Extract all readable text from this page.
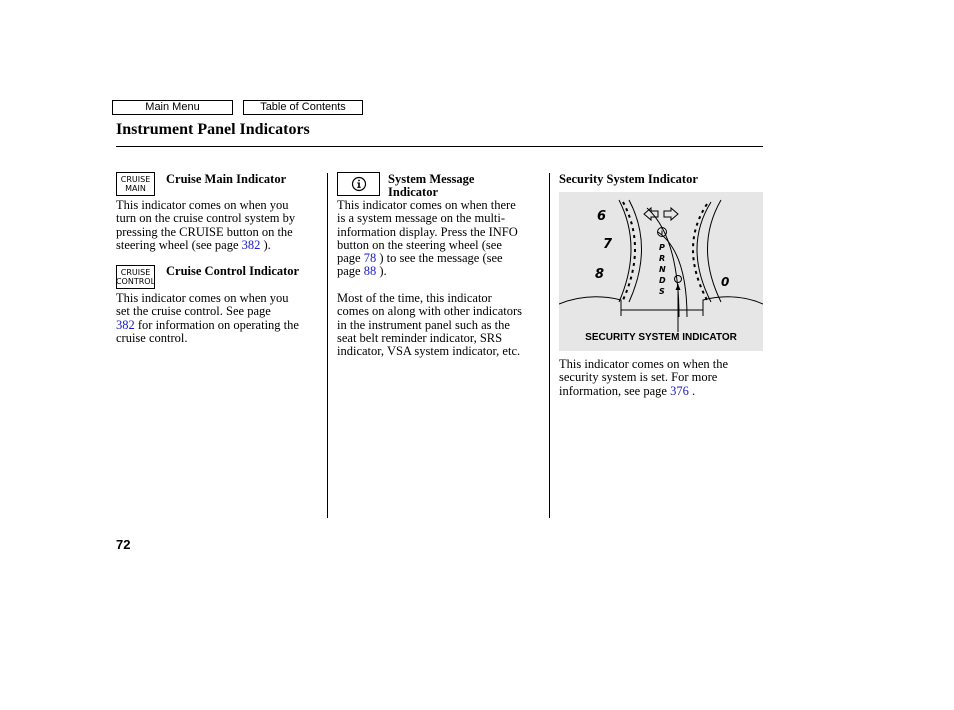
Main Menu	Table of Contents
Instrument Panel Indicators
CRUISE
MAIN
Cruise Main Indicator
This indicator comes on when you
turn on the cruise control system by
pressing the CRUISE button on the
steering wheel (see page 382 ).
CRUISE
CONTROL
Cruise Control Indicator
This indicator comes on when you
set the cruise control. See page
382 for information on operating the
cruise control.
System Message
Indicator
This indicator comes on when there
is a system message on the multi-
information display. Press the INFO
button on the steering wheel (see
page 78 ) to see the message (see
page 88 ).
Most of the time, this indicator
comes on along with other indicators
in the instrument panel such as the
seat belt reminder indicator, SRS
indicator, VSA system indicator, etc.
Security System Indicator
P
R
N
D
S
6
7
8	0
SECURITY SYSTEM INDICATOR
This indicator comes on when the
security system is set. For more
information, see page 376 .
72
